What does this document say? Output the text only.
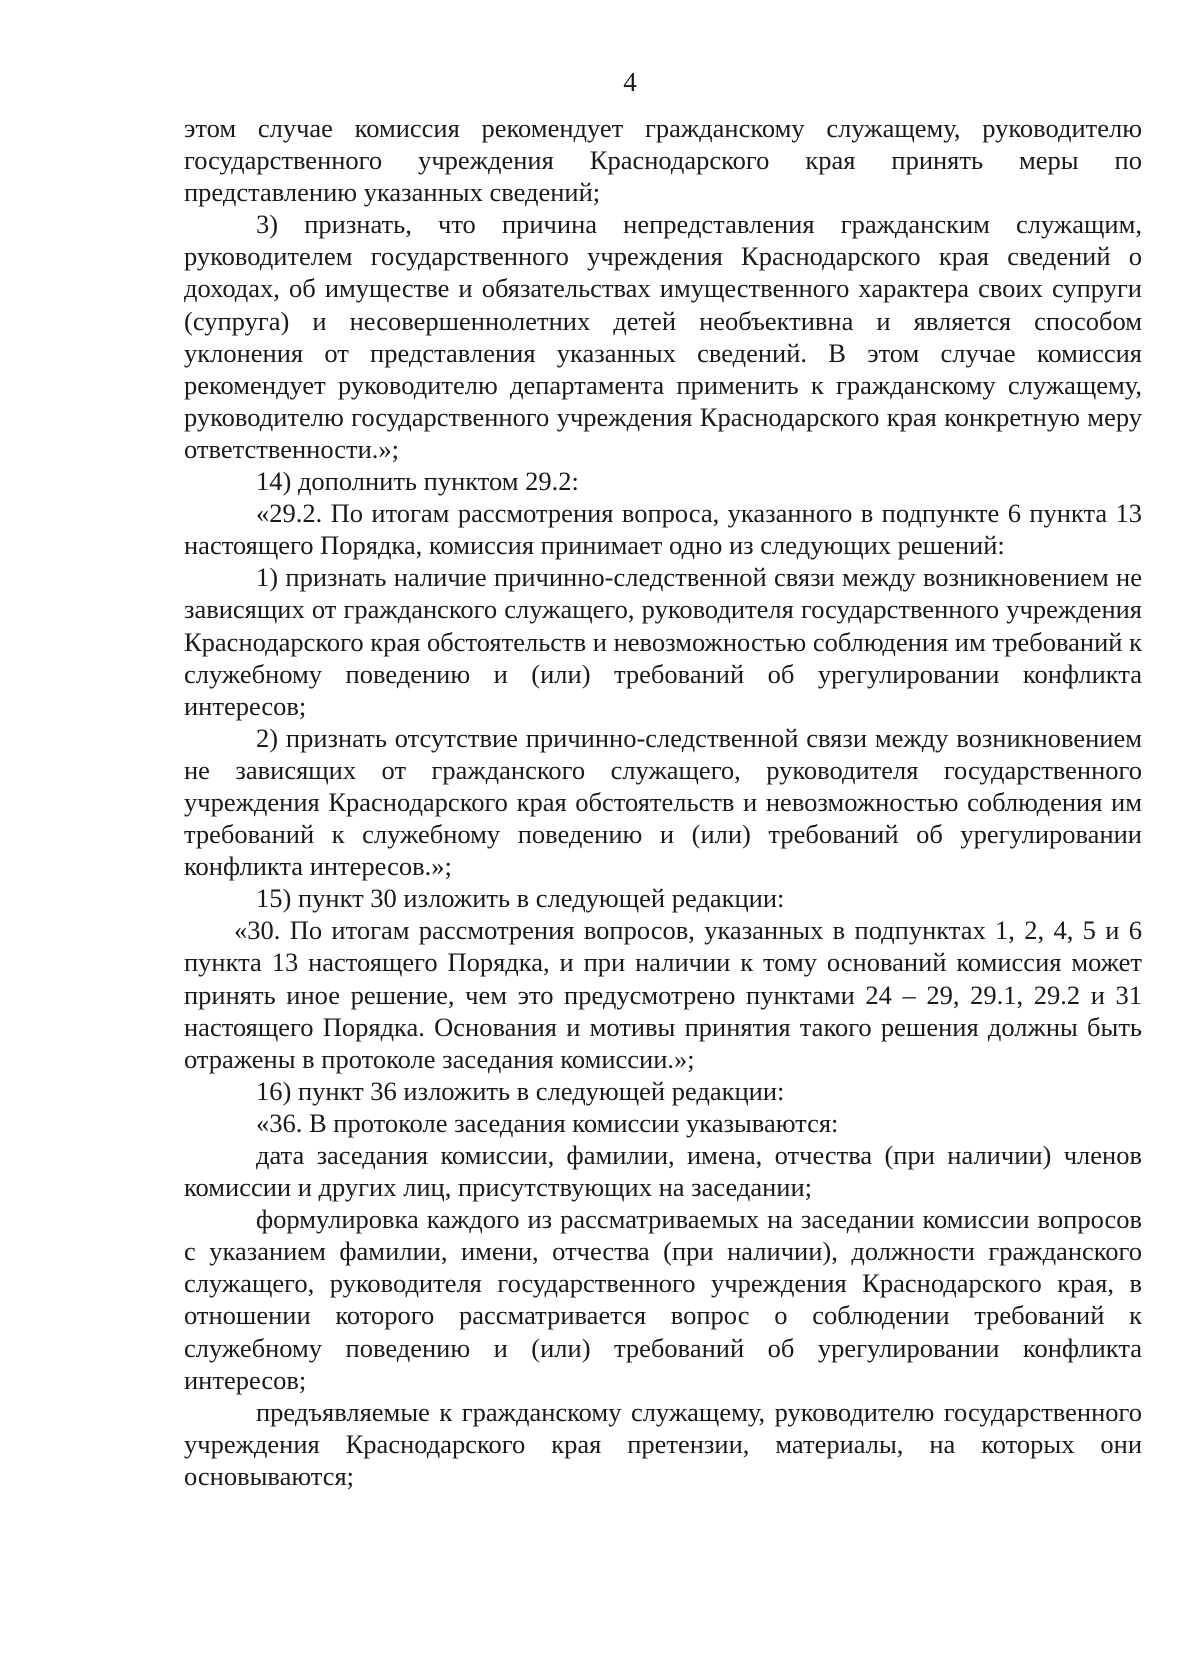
4

этом случае комиссия рекомендует гражданскому служащему, руководителю государственного учреждения Краснодарского края принять меры по представлению указанных сведений;

3) признать, что причина непредставления гражданским служащим, руководителем государственного учреждения Краснодарского края сведений о доходах, об имуществе и обязательствах имущественного характера своих супруги (супруга) и несовершеннолетних детей необъективна и является способом уклонения от представления указанных сведений. В этом случае комиссия рекомендует руководителю департамента применить к гражданскому служащему, руководителю государственного учреждения Краснодарского края конкретную меру ответственности.»;

14) дополнить пунктом 29.2:

«29.2. По итогам рассмотрения вопроса, указанного в подпункте 6 пункта 13 настоящего Порядка, комиссия принимает одно из следующих решений:

1) признать наличие причинно-следственной связи между возникновением не зависящих от гражданского служащего, руководителя государственного учреждения Краснодарского края обстоятельств и невозможностью соблюдения им требований к служебному поведению и (или) требований об урегулировании конфликта интересов;

2) признать отсутствие причинно-следственной связи между возникновением не зависящих от гражданского служащего, руководителя государственного учреждения Краснодарского края обстоятельств и невозможностью соблюдения им требований к служебному поведению и (или) требований об урегулировании конфликта интересов.»;

15) пункт 30 изложить в следующей редакции:

«30. По итогам рассмотрения вопросов, указанных в подпунктах 1, 2, 4, 5 и 6 пункта 13 настоящего Порядка, и при наличии к тому оснований комиссия может принять иное решение, чем это предусмотрено пунктами 24 – 29, 29.1, 29.2 и 31 настоящего Порядка. Основания и мотивы принятия такого решения должны быть отражены в протоколе заседания комиссии.»;

16) пункт 36 изложить в следующей редакции:

«36. В протоколе заседания комиссии указываются:

дата заседания комиссии, фамилии, имена, отчества (при наличии) членов комиссии и других лиц, присутствующих на заседании;

формулировка каждого из рассматриваемых на заседании комиссии вопросов с указанием фамилии, имени, отчества (при наличии), должности гражданского служащего, руководителя государственного учреждения Краснодарского края, в отношении которого рассматривается вопрос о соблюдении требований к служебному поведению и (или) требований об урегулировании конфликта интересов;

предъявляемые к гражданскому служащему, руководителю государственного учреждения Краснодарского края претензии, материалы, на которых они основываются;
